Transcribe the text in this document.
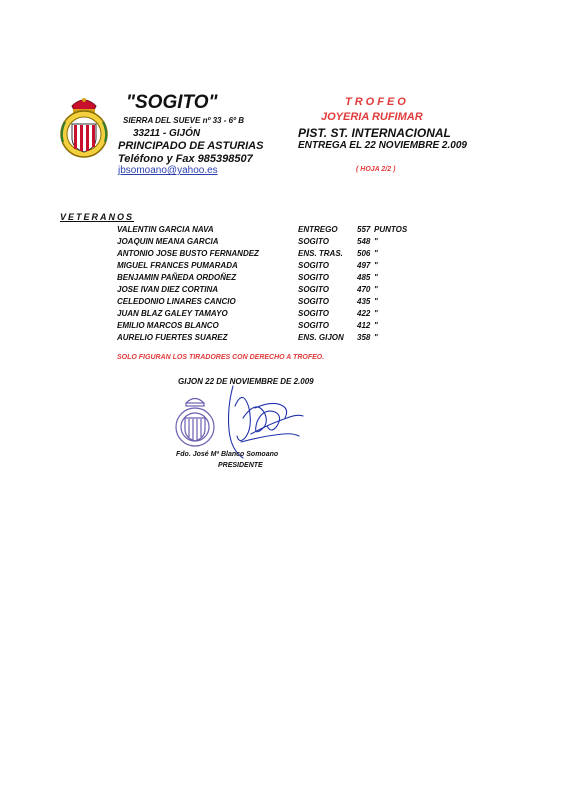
"SOGITO"
SIERRA DEL SUEVE nº 33 - 6º B
33211 - GIJÓN
PRINCIPADO DE ASTURIAS
Teléfono y Fax 985398507
jbsomoano@yahoo.es
TROFEO
JOYERIA RUFIMAR
PIST. ST. INTERNACIONAL
ENTREGA EL 22 NOVIEMBRE 2.009
( HOJA 2/2 )
VETERANOS
VALENTIN GARCIA NAVA	ENTREGO 557 PUNTOS
JOAQUIN MEANA GARCIA	SOGITO	548 "
ANTONIO JOSE BUSTO FERNANDEZ	ENS. TRAS. 506 "
MIGUEL FRANCES PUMARADA	SOGITO	497 "
BENJAMIN PAÑEDA ORDOÑEZ	SOGITO	485 "
JOSE IVAN DIEZ CORTINA	SOGITO	470 "
CELEDONIO LINARES CANCIO	SOGITO	435 "
JUAN BLAZ GALEY TAMAYO	SOGITO	422 "
EMILIO MARCOS BLANCO	SOGITO	412 "
AURELIO FUERTES SUAREZ	ENS. GIJON 358 "
SOLO FIGURAN LOS TIRADORES CON DERECHO A TROFEO.
GIJON 22 DE NOVIEMBRE DE 2.009
Fdo. José Mª Blanco Somoano
PRESIDENTE
